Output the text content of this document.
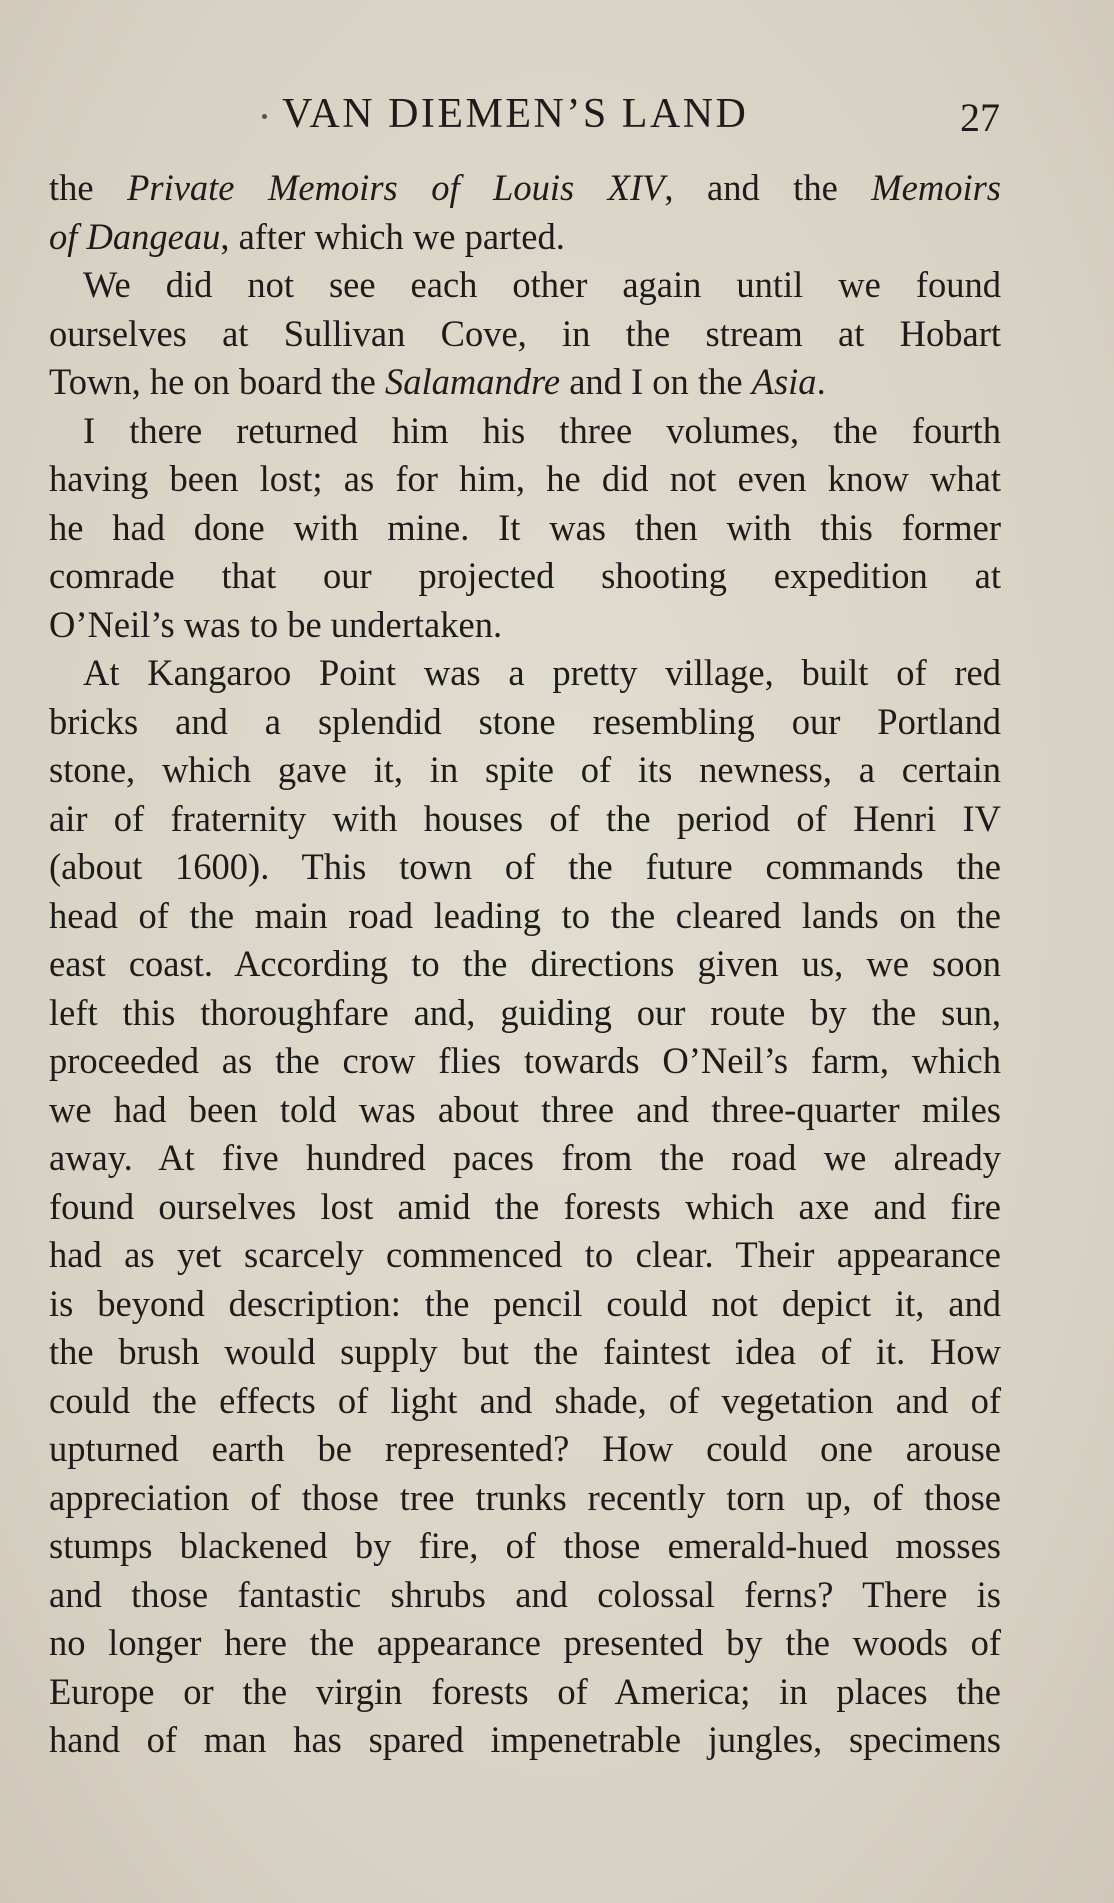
VAN DIEMEN’S LAND	27
the Private Memoirs of Louis XIV, and the Memoirs
of Dangeau, after which we parted.
We did not see each other again until we found
ourselves at Sullivan Cove, in the stream at Hobart
Town, he on board the Salamandre and I on the Asia.
I there returned him his three volumes, the fourth
having been lost; as for him, he did not even know what
he had done with mine. It was then with this former
comrade that our projected shooting expedition at
O’Neil’s was to be undertaken.
At Kangaroo Point was a pretty village, built of red
bricks and a splendid stone resembling our Portland
stone, which gave it, in spite of its newness, a certain
air of fraternity with houses of the period of Henri IV
(about 1600). This town of the future commands the
head of the main road leading to the cleared lands on the
east coast. According to the directions given us, we soon
left this thoroughfare and, guiding our route by the sun,
proceeded as the crow flies towards O’Neil’s farm, which
we had been told was about three and three-quarter miles
away. At five hundred paces from the road we already
found ourselves lost amid the forests which axe and fire
had as yet scarcely commenced to clear. Their appearance
is beyond description: the pencil could not depict it, and
the brush would supply but the faintest idea of it. How
could the effects of light and shade, of vegetation and of
upturned earth be represented? How could one arouse
appreciation of those tree trunks recently torn up, of those
stumps blackened by fire, of those emerald-hued mosses
and those fantastic shrubs and colossal ferns? There is
no longer here the appearance presented by the woods of
Europe or the virgin forests of America; in places the
hand of man has spared impenetrable jungles, specimens
